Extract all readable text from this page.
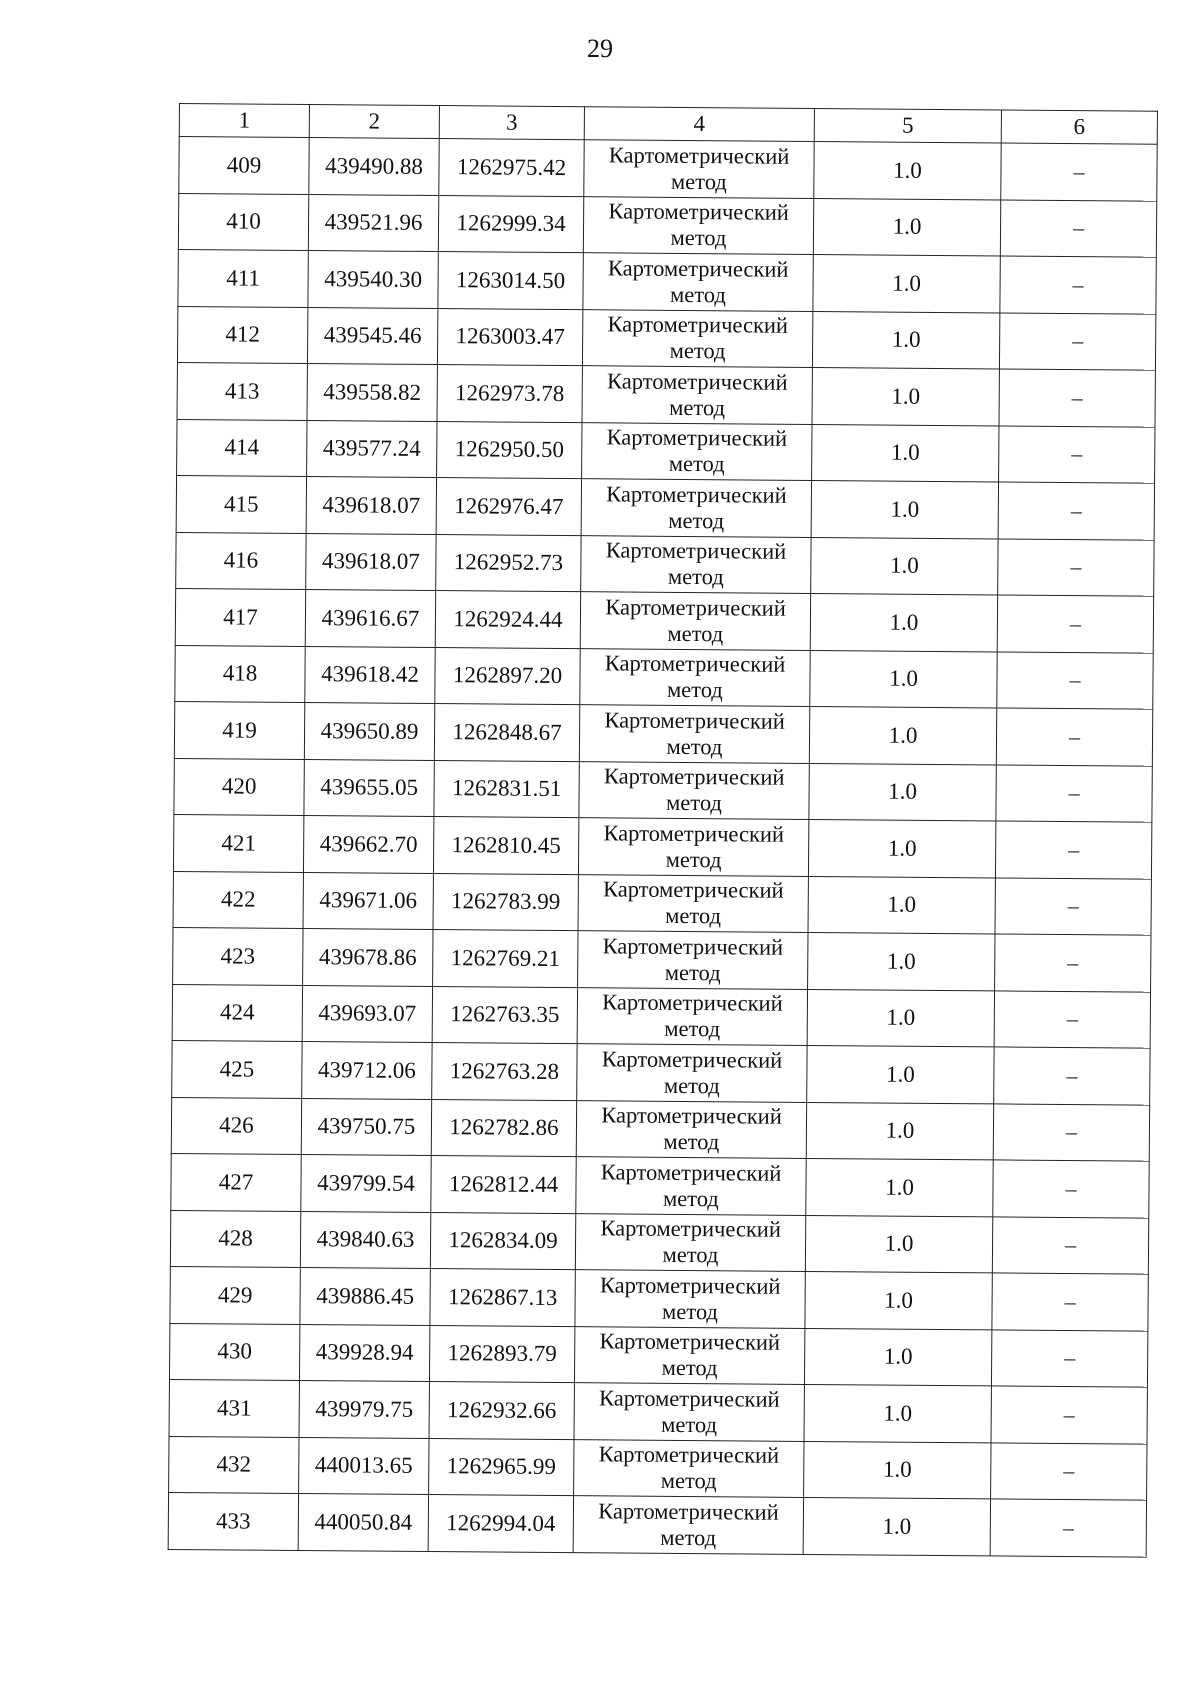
29
1	2	3	4	5	6
409	439490.88	1262975.42	Картометрический метод	1.0	–
410	439521.96	1262999.34	Картометрический метод	1.0	–
411	439540.30	1263014.50	Картометрический метод	1.0	–
412	439545.46	1263003.47	Картометрический метод	1.0	–
413	439558.82	1262973.78	Картометрический метод	1.0	–
414	439577.24	1262950.50	Картометрический метод	1.0	–
415	439618.07	1262976.47	Картометрический метод	1.0	–
416	439618.07	1262952.73	Картометрический метод	1.0	–
417	439616.67	1262924.44	Картометрический метод	1.0	–
418	439618.42	1262897.20	Картометрический метод	1.0	–
419	439650.89	1262848.67	Картометрический метод	1.0	–
420	439655.05	1262831.51	Картометрический метод	1.0	–
421	439662.70	1262810.45	Картометрический метод	1.0	–
422	439671.06	1262783.99	Картометрический метод	1.0	–
423	439678.86	1262769.21	Картометрический метод	1.0	–
424	439693.07	1262763.35	Картометрический метод	1.0	–
425	439712.06	1262763.28	Картометрический метод	1.0	–
426	439750.75	1262782.86	Картометрический метод	1.0	–
427	439799.54	1262812.44	Картометрический метод	1.0	–
428	439840.63	1262834.09	Картометрический метод	1.0	–
429	439886.45	1262867.13	Картометрический метод	1.0	–
430	439928.94	1262893.79	Картометрический метод	1.0	–
431	439979.75	1262932.66	Картометрический метод	1.0	–
432	440013.65	1262965.99	Картометрический метод	1.0	–
433	440050.84	1262994.04	Картометрический метод	1.0	–
